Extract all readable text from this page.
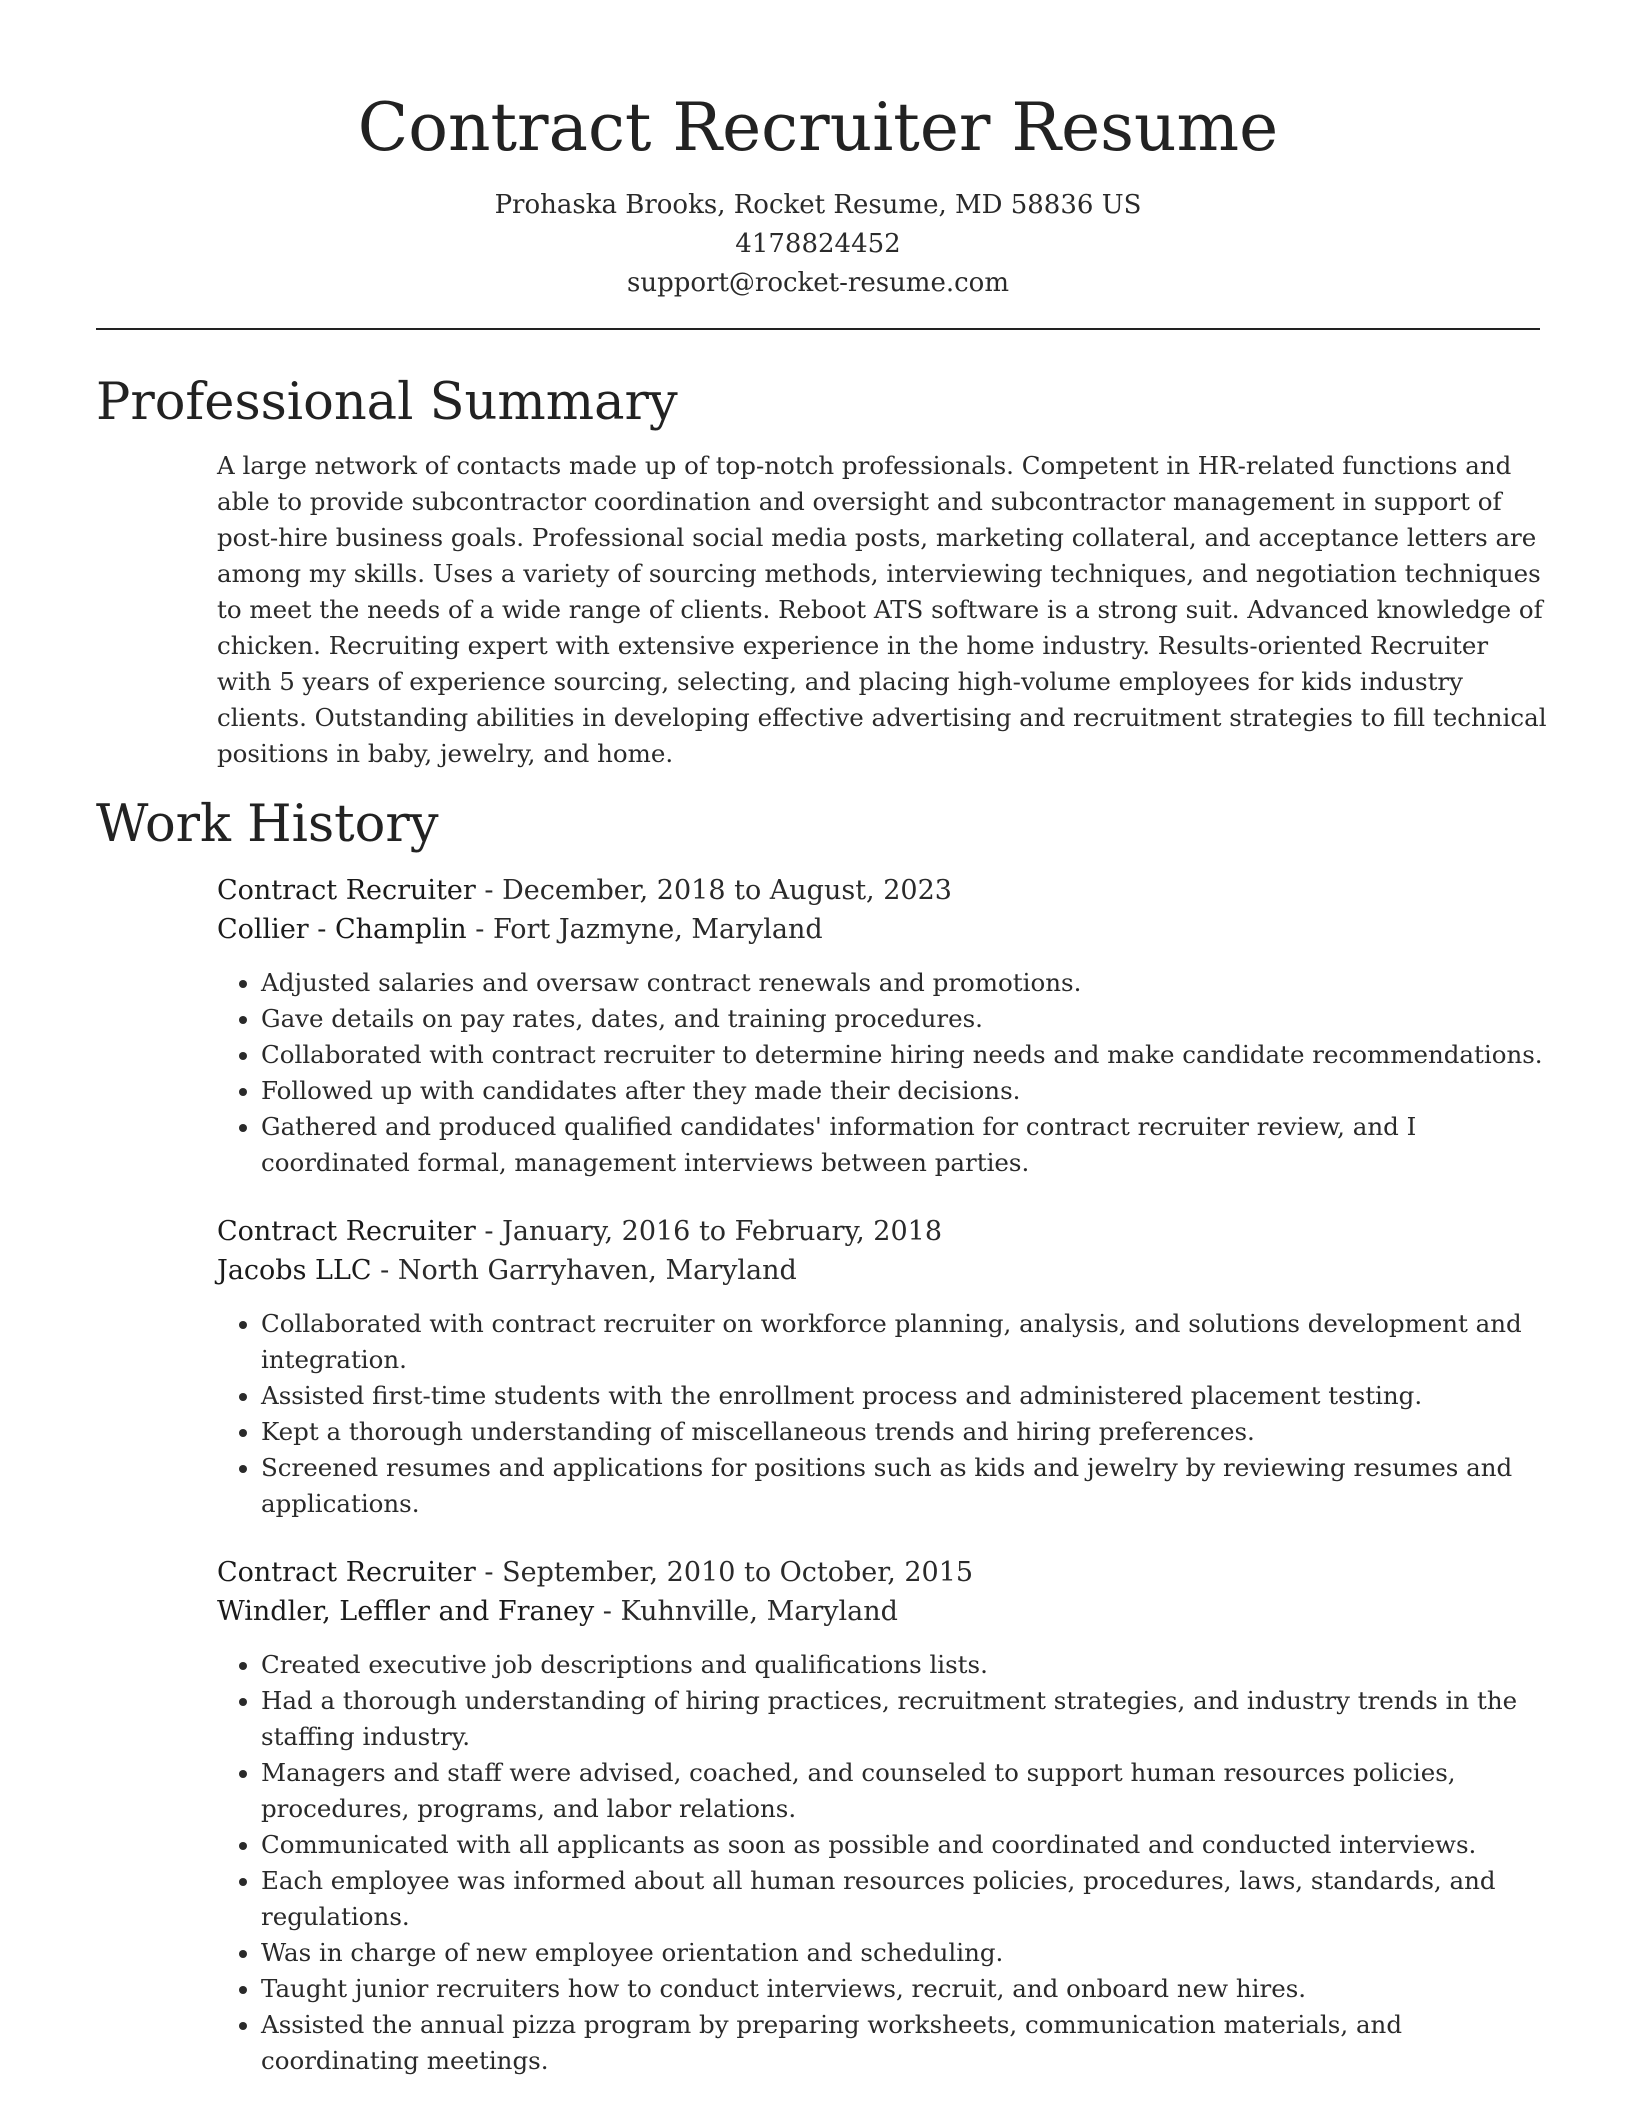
Contract Recruiter Resume
Prohaska Brooks, Rocket Resume, MD 58836 US
4178824452
support@rocket-resume.com
Professional Summary
A large network of contacts made up of top-notch professionals. Competent in HR-related functions and able to provide subcontractor coordination and oversight and subcontractor management in support of post-hire business goals. Professional social media posts, marketing collateral, and acceptance letters are among my skills. Uses a variety of sourcing methods, interviewing techniques, and negotiation techniques to meet the needs of a wide range of clients. Reboot ATS software is a strong suit. Advanced knowledge of chicken. Recruiting expert with extensive experience in the home industry. Results-oriented Recruiter with 5 years of experience sourcing, selecting, and placing high-volume employees for kids industry clients. Outstanding abilities in developing effective advertising and recruitment strategies to fill technical positions in baby, jewelry, and home.
Work History
Contract Recruiter - December, 2018 to August, 2023
Collier - Champlin - Fort Jazmyne, Maryland
• Adjusted salaries and oversaw contract renewals and promotions.
• Gave details on pay rates, dates, and training procedures.
• Collaborated with contract recruiter to determine hiring needs and make candidate recommendations.
• Followed up with candidates after they made their decisions.
• Gathered and produced qualified candidates' information for contract recruiter review, and I coordinated formal, management interviews between parties.
Contract Recruiter - January, 2016 to February, 2018
Jacobs LLC - North Garryhaven, Maryland
• Collaborated with contract recruiter on workforce planning, analysis, and solutions development and integration.
• Assisted first-time students with the enrollment process and administered placement testing.
• Kept a thorough understanding of miscellaneous trends and hiring preferences.
• Screened resumes and applications for positions such as kids and jewelry by reviewing resumes and applications.
Contract Recruiter - September, 2010 to October, 2015
Windler, Leffler and Franey - Kuhnville, Maryland
• Created executive job descriptions and qualifications lists.
• Had a thorough understanding of hiring practices, recruitment strategies, and industry trends in the staffing industry.
• Managers and staff were advised, coached, and counseled to support human resources policies, procedures, programs, and labor relations.
• Communicated with all applicants as soon as possible and coordinated and conducted interviews.
• Each employee was informed about all human resources policies, procedures, laws, standards, and regulations.
• Was in charge of new employee orientation and scheduling.
• Taught junior recruiters how to conduct interviews, recruit, and onboard new hires.
• Assisted the annual pizza program by preparing worksheets, communication materials, and coordinating meetings.
